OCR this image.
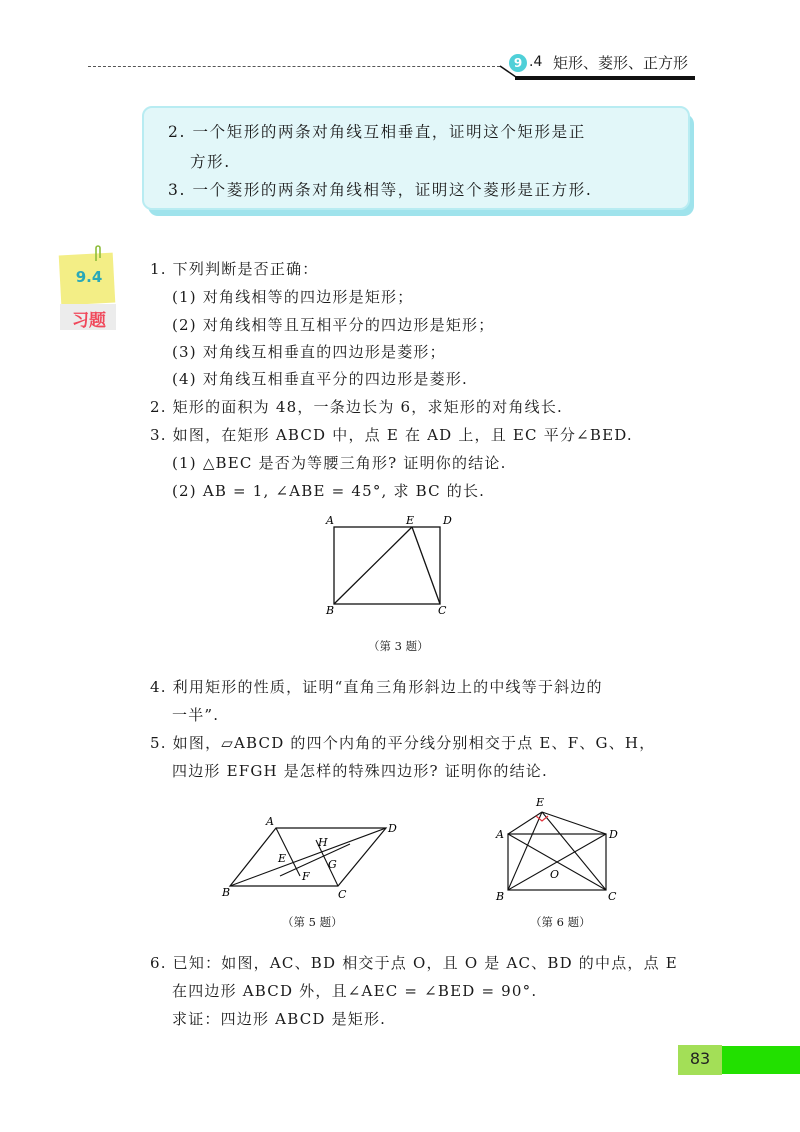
9 .4 矩形、菱形、正方形
2. 一个矩形的两条对角线互相垂直，证明这个矩形是正
方形.
3. 一个菱形的两条对角线相等，证明这个菱形是正方形.
9.4
习题
1. 下列判断是否正确：
(1) 对角线相等的四边形是矩形；
(2) 对角线相等且互相平分的四边形是矩形；
(3) 对角线互相垂直的四边形是菱形；
(4) 对角线互相垂直平分的四边形是菱形.
2. 矩形的面积为 48，一条边长为 6，求矩形的对角线长.
3. 如图，在矩形 ABCD 中，点 E 在 AD 上，且 EC 平分∠BED.
(1) △BEC 是否为等腰三角形? 证明你的结论.
(2) AB = 1, ∠ABE = 45°, 求 BC 的长.
A	E	D
B	C
（第 3 题）
4. 利用矩形的性质，证明“直角三角形斜边上的中线等于斜边的
一半”.
5. 如图，▱ABCD 的四个内角的平分线分别相交于点 E、F、G、H，
四边形 EFGH 是怎样的特殊四边形? 证明你的结论.
A
D
B	C
H
E	G
F
（第 5 题）
E
A	D
O
B	C
（第 6 题）
6. 已知：如图，AC、BD 相交于点 O，且 O 是 AC、BD 的中点，点 E
在四边形 ABCD 外，且∠AEC = ∠BED = 90°.
求证：四边形 ABCD 是矩形.
83
